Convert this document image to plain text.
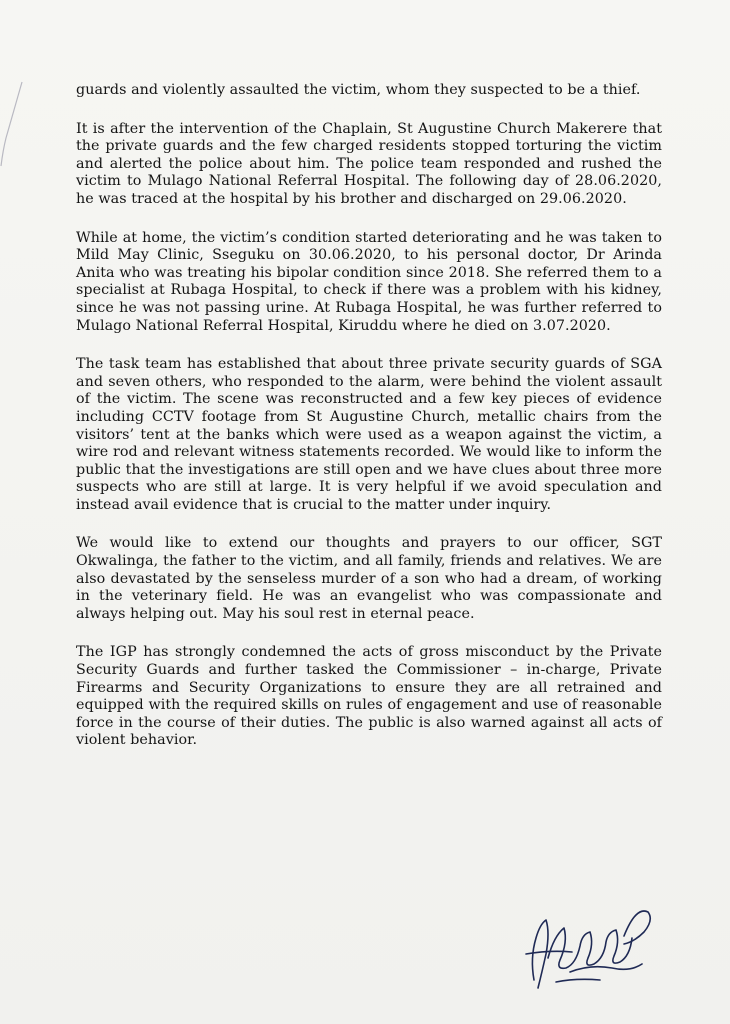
guards and violently assaulted the victim, whom they suspected to be a thief.

It is after the intervention of the Chaplain, St Augustine Church Makerere that the private guards and the few charged residents stopped torturing the victim and alerted the police about him. The police team responded and rushed the victim to Mulago National Referral Hospital. The following day of 28.06.2020, he was traced at the hospital by his brother and discharged on 29.06.2020.

While at home, the victim’s condition started deteriorating and he was taken to Mild May Clinic, Sseguku on 30.06.2020, to his personal doctor, Dr Arinda Anita who was treating his bipolar condition since 2018. She referred them to a specialist at Rubaga Hospital, to check if there was a problem with his kidney, since he was not passing urine. At Rubaga Hospital, he was further referred to Mulago National Referral Hospital, Kiruddu where he died on 3.07.2020.

The task team has established that about three private security guards of SGA and seven others, who responded to the alarm, were behind the violent assault of the victim. The scene was reconstructed and a few key pieces of evidence including CCTV footage from St Augustine Church, metallic chairs from the visitors’ tent at the banks which were used as a weapon against the victim, a wire rod and relevant witness statements recorded. We would like to inform the public that the investigations are still open and we have clues about three more suspects who are still at large. It is very helpful if we avoid speculation and instead avail evidence that is crucial to the matter under inquiry.

We would like to extend our thoughts and prayers to our officer, SGT Okwalinga, the father to the victim, and all family, friends and relatives. We are also devastated by the senseless murder of a son who had a dream, of working in the veterinary field. He was an evangelist who was compassionate and always helping out. May his soul rest in eternal peace.

The IGP has strongly condemned the acts of gross misconduct by the Private Security Guards and further tasked the Commissioner – in-charge, Private Firearms and Security Organizations to ensure they are all retrained and equipped with the required skills on rules of engagement and use of reasonable force in the course of their duties. The public is also warned against all acts of violent behavior.
